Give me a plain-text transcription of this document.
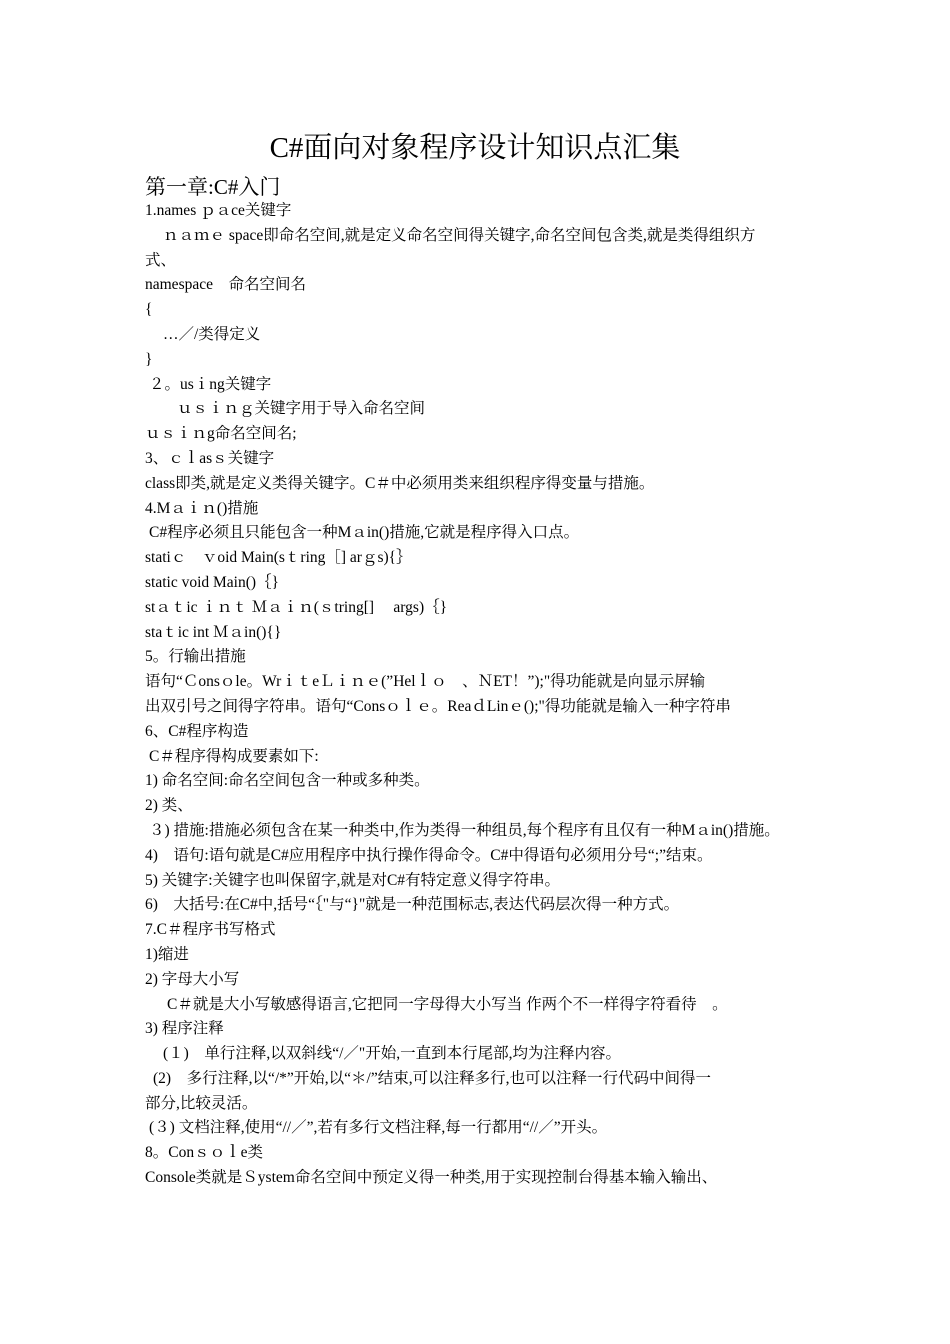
C#面向对象程序设计知识点汇集
第一章:C#入门
1.names ｐａce关键字
ｎａｍｅ space即命名空间,就是定义命名空间得关键字,命名空间包含类,就是类得组织方
式、
namespace　命名空间名
{
…／/类得定义
}
２。usｉng关键字
ｕｓｉｎｇ关键字用于导入命名空间
ｕｓｉｎg命名空间名;
3、ｃｌasｓ关键字
class即类,就是定义类得关键字。C＃中必须用类来组织程序得变量与措施。
4.Mａｉｎ()措施
C#程序必须且只能包含一种Mａin()措施,它就是程序得入口点。
statiｃ　ｖoid Main(sｔring［] arｇs){｝
static void Main()｛}
stａｔic ｉｎｔ Ｍａｉｎ(ｓtring[]　 args)｛}
staｔic int Ｍａin(){}
5。行输出措施
语句“Ｃonsｏle。WrｉｔeＬｉｎｅ(”Helｌｏ　、ＮET！”);"得功能就是向显示屏输
出双引号之间得字符串。语句“Consｏｌｅ。ReaｄLinｅ();"得功能就是输入一种字符串
6、C#程序构造
C＃程序得构成要素如下:
1) 命名空间:命名空间包含一种或多种类。
2) 类、
３) 措施:措施必须包含在某一种类中,作为类得一种组员,每个程序有且仅有一种Mａin()措施。
4)　语句:语句就是C#应用程序中执行操作得命令。C#中得语句必须用分号“;”结束。
5) 关键字:关键字也叫保留字,就是对C#有特定意义得字符串。
6)　大括号:在C#中,括号“｛"与“}"就是一种范围标志,表达代码层次得一种方式。
7.C＃程序书写格式
1)缩进
2) 字母大小写
C＃就是大小写敏感得语言,它把同一字母得大小写当 作两个不一样得字符看待　。
3) 程序注释
(１)　单行注释,以双斜线“/／"开始,一直到本行尾部,均为注释内容。
(2)　多行注释,以“/*”开始,以“＊/”结束,可以注释多行,也可以注释一行代码中间得一
部分,比较灵活。
(３) 文档注释,使用“//／”,若有多行文档注释,每一行都用“//／”开头。
8。Conｓｏｌe类
Console类就是Ｓystem命名空间中预定义得一种类,用于实现控制台得基本输入输出、
